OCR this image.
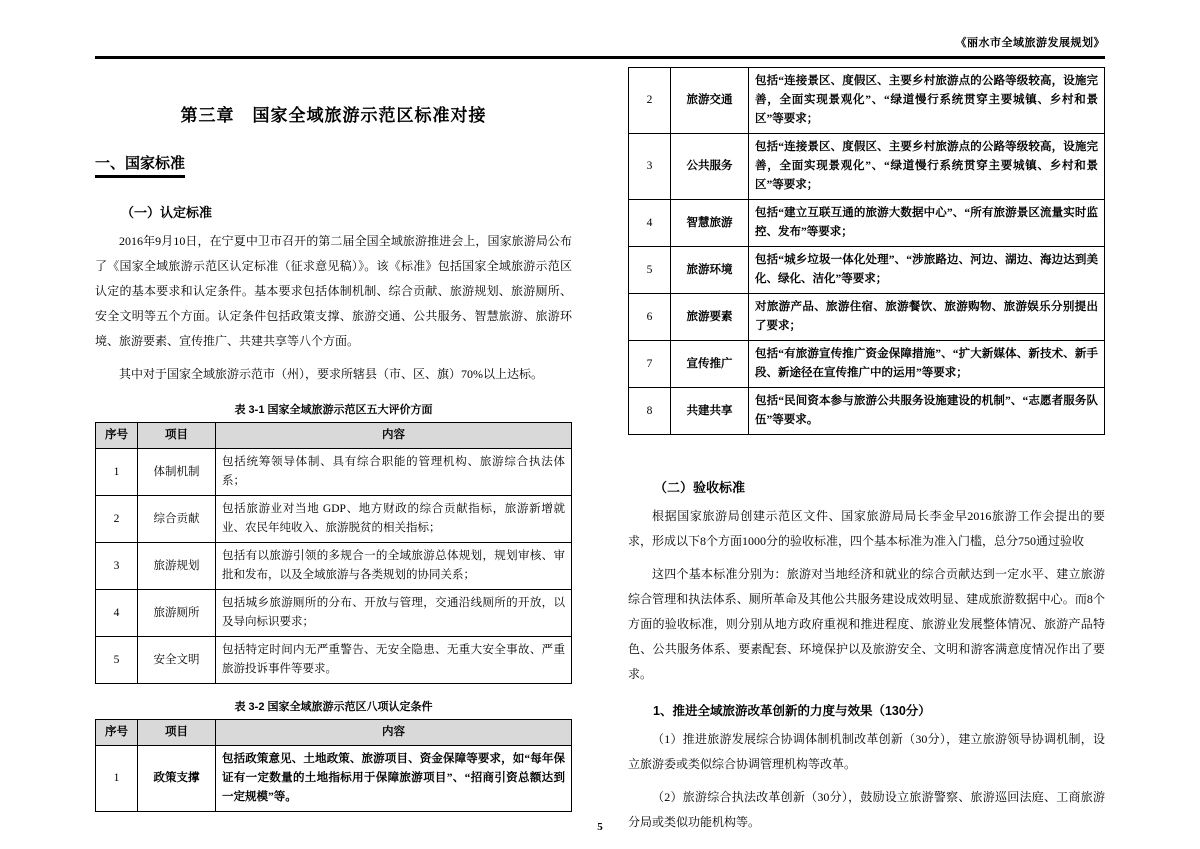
《丽水市全域旅游发展规划》
第三章　国家全域旅游示范区标准对接
一、国家标准
（一）认定标准

2016年9月10日，在宁夏中卫市召开的第二届全国全域旅游推进会上，国家旅游局公布了《国家全域旅游示范区认定标准（征求意见稿）》。该《标准》包括国家全域旅游示范区认定的基本要求和认定条件。基本要求包括体制机制、综合贡献、旅游规划、旅游厕所、安全文明等五个方面。认定条件包括政策支撑、旅游交通、公共服务、智慧旅游、旅游环境、旅游要素、宣传推广、共建共享等八个方面。

其中对于国家全域旅游示范市（州），要求所辖县（市、区、旗）70%以上达标。

表 3-1 国家全域旅游示范区五大评价方面
序号	项目	内容
1	体制机制	包括统筹领导体制、具有综合职能的管理机构、旅游综合执法体系；
2	综合贡献	包括旅游业对当地 GDP、地方财政的综合贡献指标，旅游新增就业、农民年纯收入、旅游脱贫的相关指标；
3	旅游规划	包括有以旅游引领的多规合一的全域旅游总体规划，规划审核、审批和发布，以及全域旅游与各类规划的协同关系；
4	旅游厕所	包括城乡旅游厕所的分布、开放与管理，交通沿线厕所的开放，以及导向标识要求；
5	安全文明	包括特定时间内无严重警告、无安全隐患、无重大安全事故、严重旅游投诉事件等要求。
表 3-2 国家全域旅游示范区八项认定条件
序号	项目	内容
1	政策支撑	包括政策意见、土地政策、旅游项目、资金保障等要求，如“每年保证有一定数量的土地指标用于保障旅游项目”、“招商引资总额达到一定规模”等。
2	旅游交通	包括“连接景区、度假区、主要乡村旅游点的公路等级较高，设施完善，全面实现景观化”、“绿道慢行系统贯穿主要城镇、乡村和景区”等要求；
3	公共服务	包括“连接景区、度假区、主要乡村旅游点的公路等级较高，设施完善，全面实现景观化”、“绿道慢行系统贯穿主要城镇、乡村和景区”等要求；
4	智慧旅游	包括“建立互联互通的旅游大数据中心”、“所有旅游景区流量实时监控、发布”等要求；
5	旅游环境	包括“城乡垃圾一体化处理”、“涉旅路边、河边、湖边、海边达到美化、绿化、洁化”等要求；
6	旅游要素	对旅游产品、旅游住宿、旅游餐饮、旅游购物、旅游娱乐分别提出了要求；
7	宣传推广	包括“有旅游宣传推广资金保障措施”、“扩大新媒体、新技术、新手段、新途径在宣传推广中的运用”等要求；
8	共建共享	包括“民间资本参与旅游公共服务设施建设的机制”、“志愿者服务队伍”等要求。
（二）验收标准

根据国家旅游局创建示范区文件、国家旅游局局长李金早2016旅游工作会提出的要求，形成以下8个方面1000分的验收标准，四个基本标准为准入门槛，总分750通过验收

这四个基本标准分别为：旅游对当地经济和就业的综合贡献达到一定水平、建立旅游综合管理和执法体系、厕所革命及其他公共服务建设成效明显、建成旅游数据中心。而8个方面的验收标准，则分别从地方政府重视和推进程度、旅游业发展整体情况、旅游产品特色、公共服务体系、要素配套、环境保护以及旅游安全、文明和游客满意度情况作出了要求。

1、推进全域旅游改革创新的力度与效果（130分）

（1）推进旅游发展综合协调体制机制改革创新（30分），建立旅游领导协调机制，设立旅游委或类似综合协调管理机构等改革。

（2）旅游综合执法改革创新（30分），鼓励设立旅游警察、旅游巡回法庭、工商旅游分局或类似功能机构等。

5
